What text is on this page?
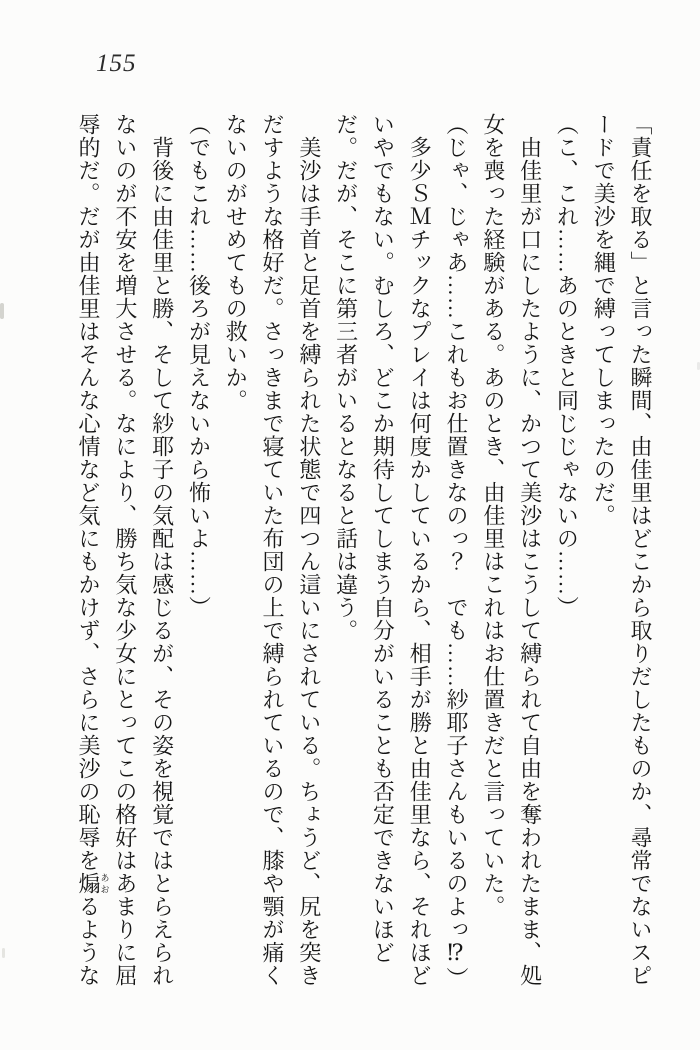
155

「責任を取る」と言った瞬間、由佳里はどこから取りだしたものか、尋常でないスピードで美沙を縄で縛ってしまったのだ。

（こ、これ……あのときと同じじゃないの……）

　由佳里が口にしたように、かつて美沙はこうして縛られて自由を奪われたまま、処女を喪った経験がある。あのとき、由佳里はこれはお仕置きだと言っていた。

（じゃ、じゃあ……これもお仕置きなのっ？　でも……紗耶子さんもいるのよっ⁉）

　多少ＳＭチックなプレイは何度かしているから、相手が勝と由佳里なら、それほどいやでもない。むしろ、どこか期待してしまう自分がいることも否定できないほどだ。だが、そこに第三者がいるとなると話は違う。

　美沙は手首と足首を縛られた状態で四つん這いにされている。ちょうど、尻を突きだすような格好だ。さっきまで寝ていた布団の上で縛られているので、膝や顎が痛くないのがせめてもの救いか。

（でもこれ……後ろが見えないから怖いよ……）

　背後に由佳里と勝、そして紗耶子の気配は感じるが、その姿を視覚ではとらえられないのが不安を増大させる。なにより、勝ち気な少女にとってこの格好はあまりに屈辱的だ。だが由佳里はそんな心情など気にもかけず、さらに美沙の恥辱を煽あおるような
